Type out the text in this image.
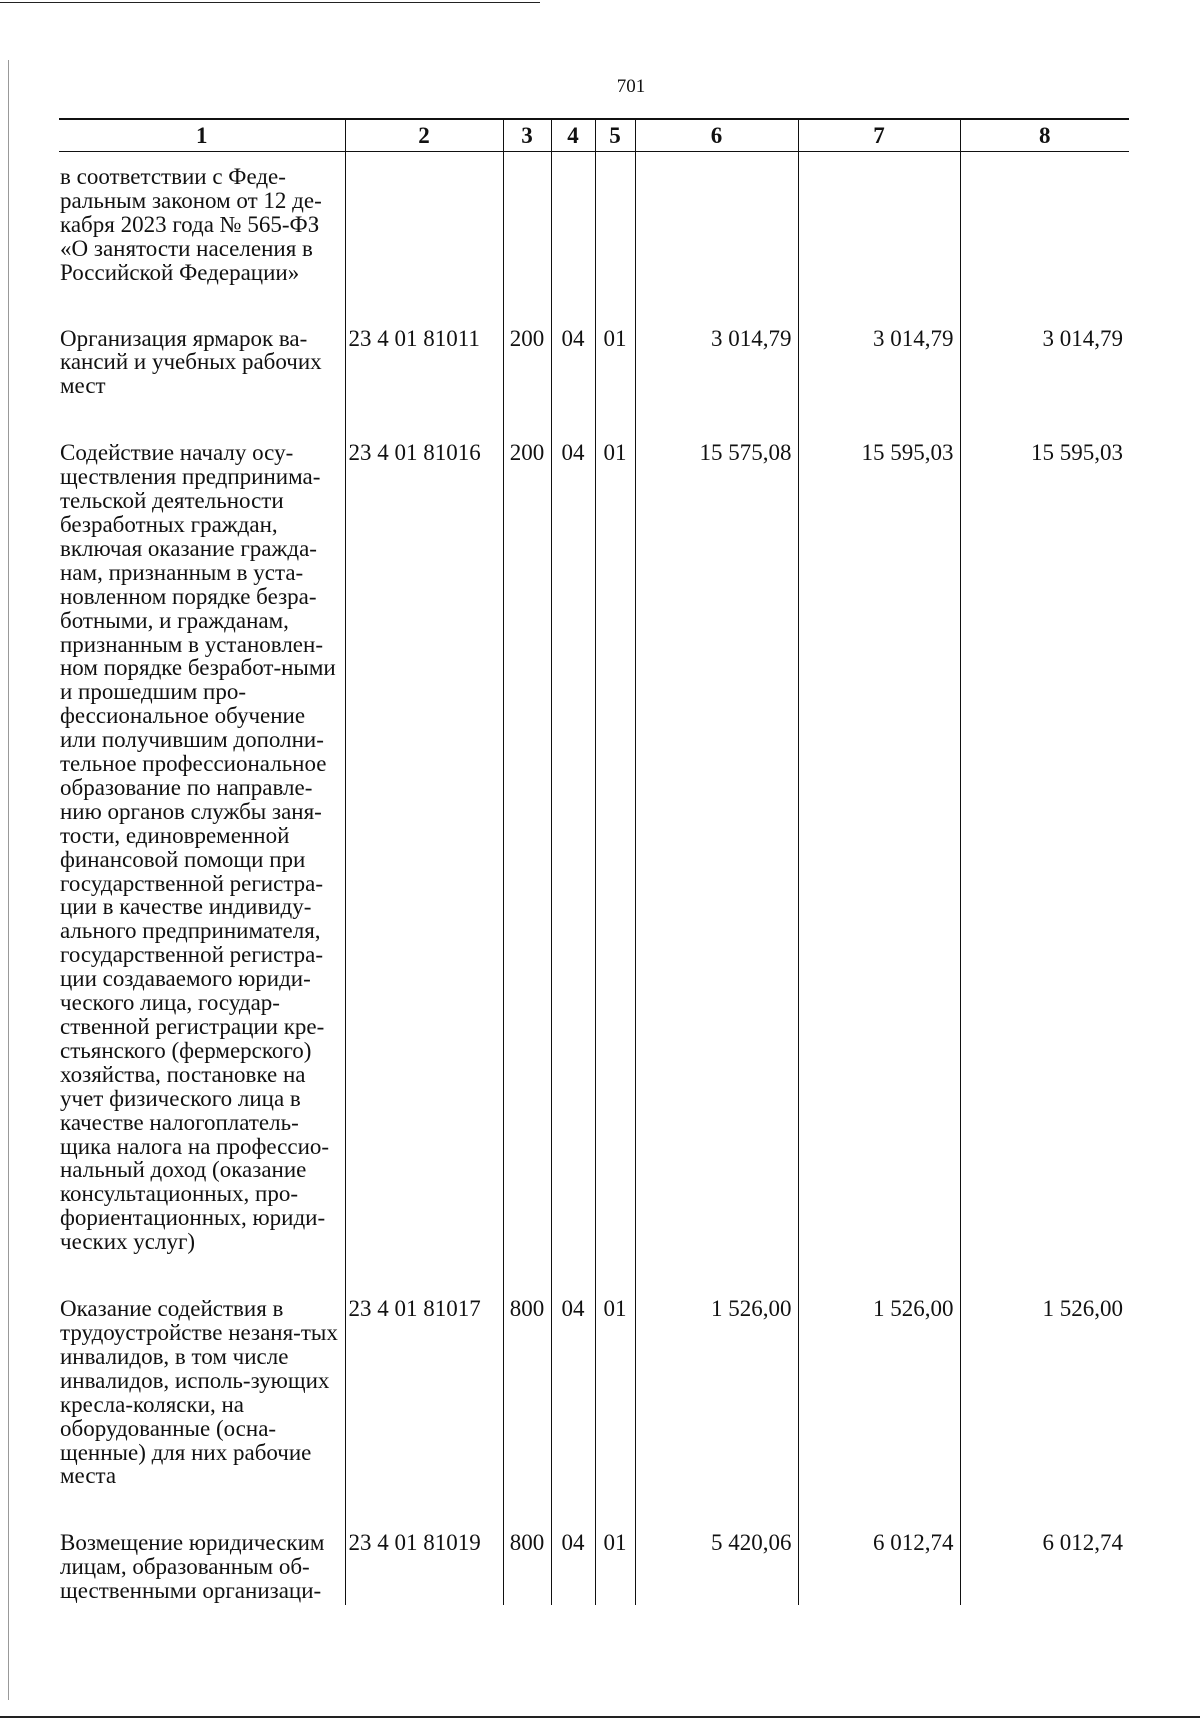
701
1	2	3	4	5	6	7	8
в соответствии с Феде-ральным законом от 12 де-кабря 2023 года № 565-ФЗ «О занятости населения в Российской Федерации»							
Организация ярмарок ва-кансий и учебных рабочих мест	23 4 01 81011	200	04	01	3 014,79	3 014,79	3 014,79
Содействие началу осу-ществления предпринима-тельской деятельности безработных граждан, включая оказание гражда-нам, признанным в уста-новленном порядке безра-ботными, и гражданам, признанным в установлен-ном порядке безработ-ными и прошедшим про-фессиональное обучение или получившим дополни-тельное профессиональное образование по направле-нию органов службы заня-тости, единовременной финансовой помощи при государственной регистра-ции в качестве индивиду-ального предпринимателя, государственной регистра-ции создаваемого юриди-ческого лица, государ-ственной регистрации кре-стьянского (фермерского) хозяйства, постановке на учет физического лица в качестве налогоплатель-щика налога на профессио-нальный доход (оказание консультационных, про-фориентационных, юриди-ческих услуг)	23 4 01 81016	200	04	01	15 575,08	15 595,03	15 595,03
Оказание содействия в трудоустройстве незаня-тых инвалидов, в том числе инвалидов, исполь-зующих кресла-коляски, на оборудованные (осна-щенные) для них рабочие места	23 4 01 81017	800	04	01	1 526,00	1 526,00	1 526,00
Возмещение юридическим лицам, образованным об-щественными организаци-	23 4 01 81019	800	04	01	5 420,06	6 012,74	6 012,74
